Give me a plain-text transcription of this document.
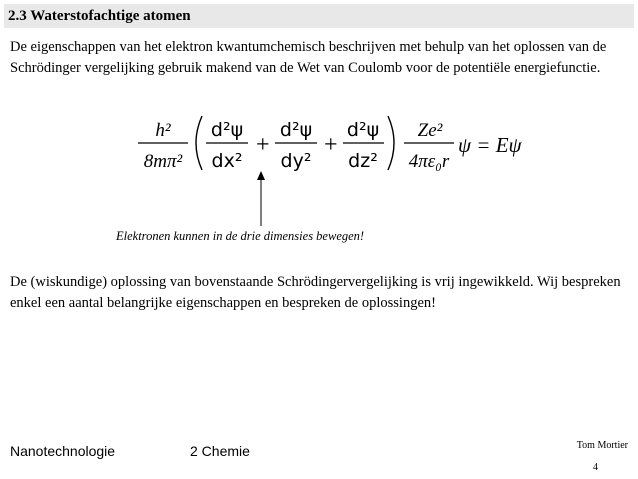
2.3 Waterstofachtige atomen
De eigenschappen van het elektron kwantumchemisch beschrijven met behulp van het oplossen van de Schrödinger vergelijking gebruik makend van de Wet van Coulomb voor de potentiële energiefunctie.
h²
8mπ²
d²ψ
dx²
+
d²ψ
dy²
+
d²ψ
dz²
Ze²
4πε₀r
ψ = Eψ
Elektronen kunnen in de drie dimensies bewegen!
De (wiskundige) oplossing van bovenstaande Schrödingervergelijking is vrij ingewikkeld. Wij bespreken enkel een aantal belangrijke eigenschappen en bespreken de oplossingen!
Nanotechnologie	2 Chemie	Tom Mortier
4
